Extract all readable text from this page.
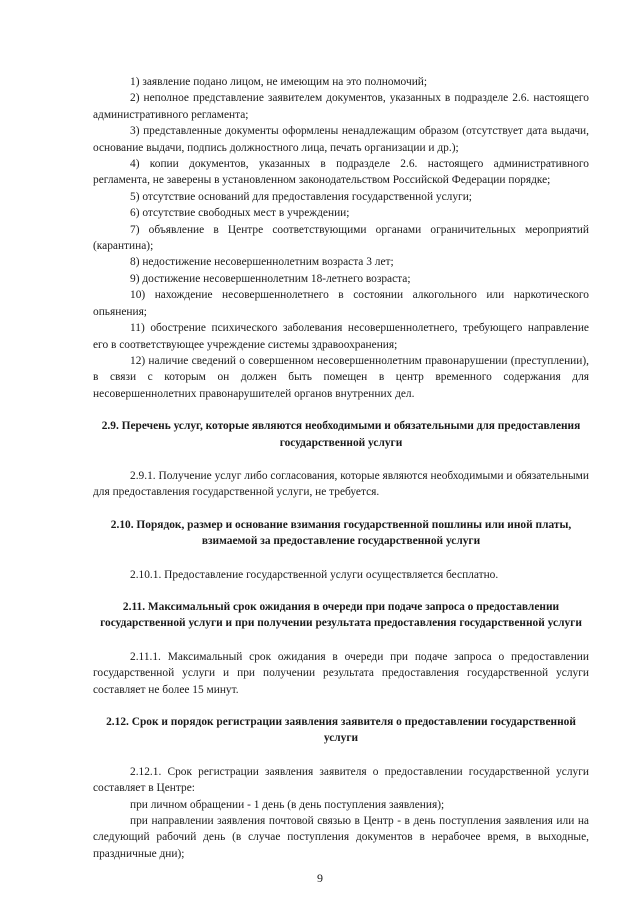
1) заявление подано лицом, не имеющим на это полномочий;

2) неполное представление заявителем документов, указанных в подразделе 2.6. настоящего административного регламента;

3) представленные документы оформлены ненадлежащим образом (отсутствует дата выдачи, основание выдачи, подпись должностного лица, печать организации и др.);

4) копии документов, указанных в подразделе 2.6. настоящего административного регламента, не заверены в установленном законодательством Российской Федерации порядке;

5) отсутствие оснований для предоставления государственной услуги;

6) отсутствие свободных мест в учреждении;

7) объявление в Центре соответствующими органами ограничительных мероприятий (карантина);

8) недостижение несовершеннолетним возраста 3 лет;

9) достижение несовершеннолетним 18-летнего возраста;

10) нахождение несовершеннолетнего в состоянии алкогольного или наркотического опьянения;

11) обострение психического заболевания несовершеннолетнего, требующего направление его в соответствующее учреждение системы здравоохранения;

12) наличие сведений о совершенном несовершеннолетним правонарушении (преступлении), в связи с которым он должен быть помещен в центр временного содержания для несовершеннолетних правонарушителей органов внутренних дел.

2.9. Перечень услуг, которые являются необходимыми и обязательными для предоставления государственной услуги

2.9.1. Получение услуг либо согласования, которые являются необходимыми и обязательными для предоставления государственной услуги, не требуется.

2.10. Порядок, размер и основание взимания государственной пошлины или иной платы, взимаемой за предоставление государственной услуги

2.10.1. Предоставление государственной услуги осуществляется бесплатно.

2.11. Максимальный срок ожидания в очереди при подаче запроса о предоставлении государственной услуги и при получении результата предоставления государственной услуги

2.11.1. Максимальный срок ожидания в очереди при подаче запроса о предоставлении государственной услуги и при получении результата предоставления государственной услуги составляет не более 15 минут.

2.12. Срок и порядок регистрации заявления заявителя о предоставлении государственной услуги

2.12.1. Срок регистрации заявления заявителя о предоставлении государственной услуги составляет в Центре:

при личном обращении - 1 день (в день поступления заявления);

при направлении заявления почтовой связью в Центр - в день поступления заявления или на следующий рабочий день (в случае поступления документов в нерабочее время, в выходные, праздничные дни);

9
